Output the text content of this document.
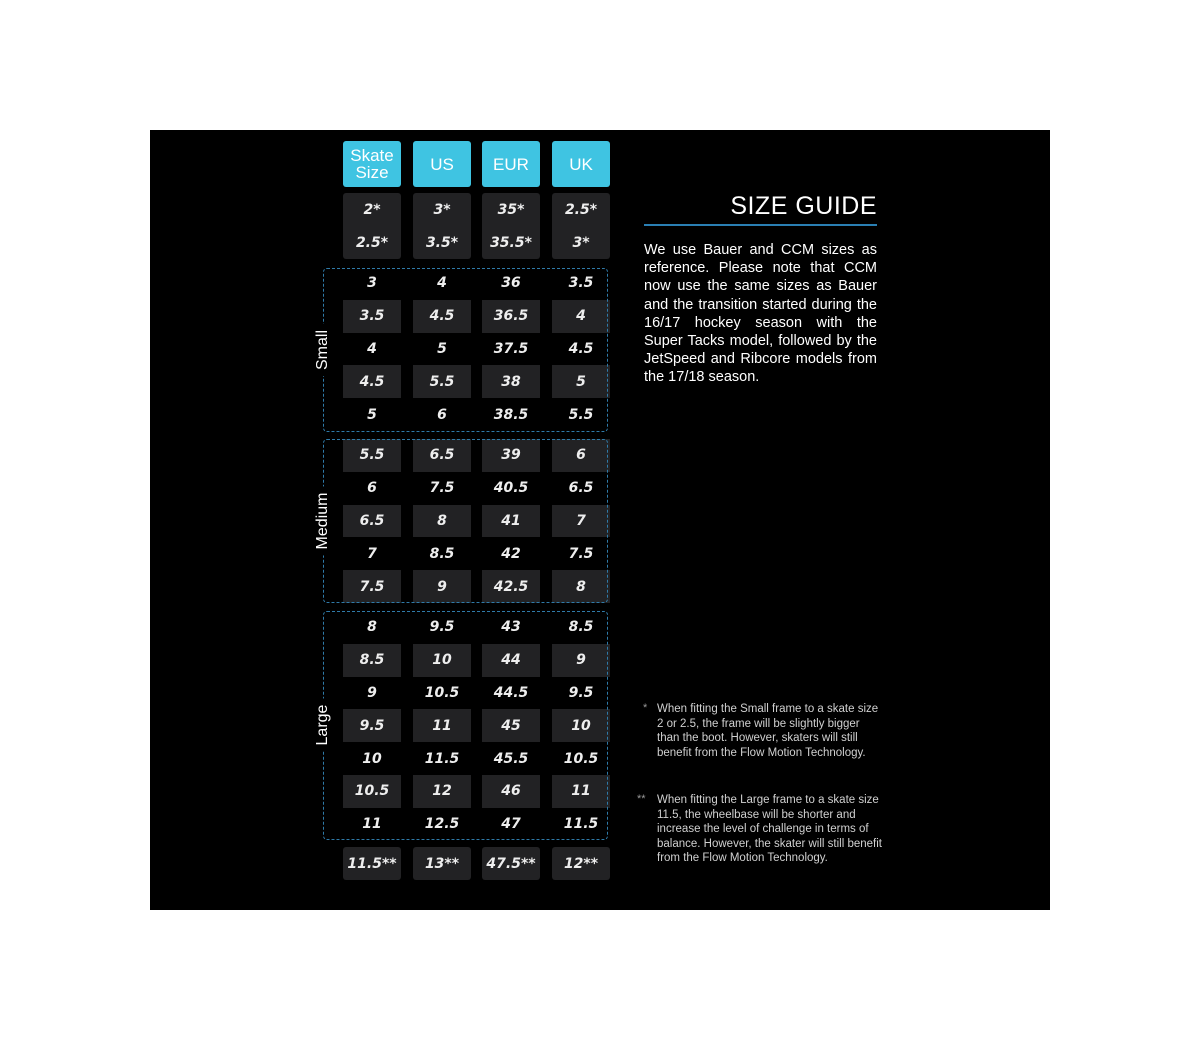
Skate
Size	US	EUR	UK
2*	3*	35*	2.5*
2.5*	3.5*	35.5*	3*
3	4	36	3.5
3.5	4.5	36.5	4
4	5	37.5	4.5
4.5	5.5	38	5
5	6	38.5	5.5
5.5	6.5	39	6
6	7.5	40.5	6.5
6.5	8	41	7
7	8.5	42	7.5
7.5	9	42.5	8
8	9.5	43	8.5
8.5	10	44	9
9	10.5	44.5	9.5
9.5	11	45	10
10	11.5	45.5	10.5
10.5	12	46	11
11	12.5	47	11.5
11.5**	13**	47.5**	12**
Small
Medium
Large
SIZE GUIDE
We use Bauer and CCM sizes as reference. Please note that CCM now use the same sizes as Bauer and the transition started during the 16/17 hockey season with the Super Tacks model, followed by the JetSpeed and Ribcore models from the 17/18 season.
* When fitting the Small frame to a skate size 2 or 2.5, the frame will be slightly bigger than the boot. However, skaters will still benefit from the Flow Motion Technology.
** When fitting the Large frame to a skate size 11.5, the wheelbase will be shorter and increase the level of challenge in terms of balance. However, the skater will still benefit from the Flow Motion Technology.
